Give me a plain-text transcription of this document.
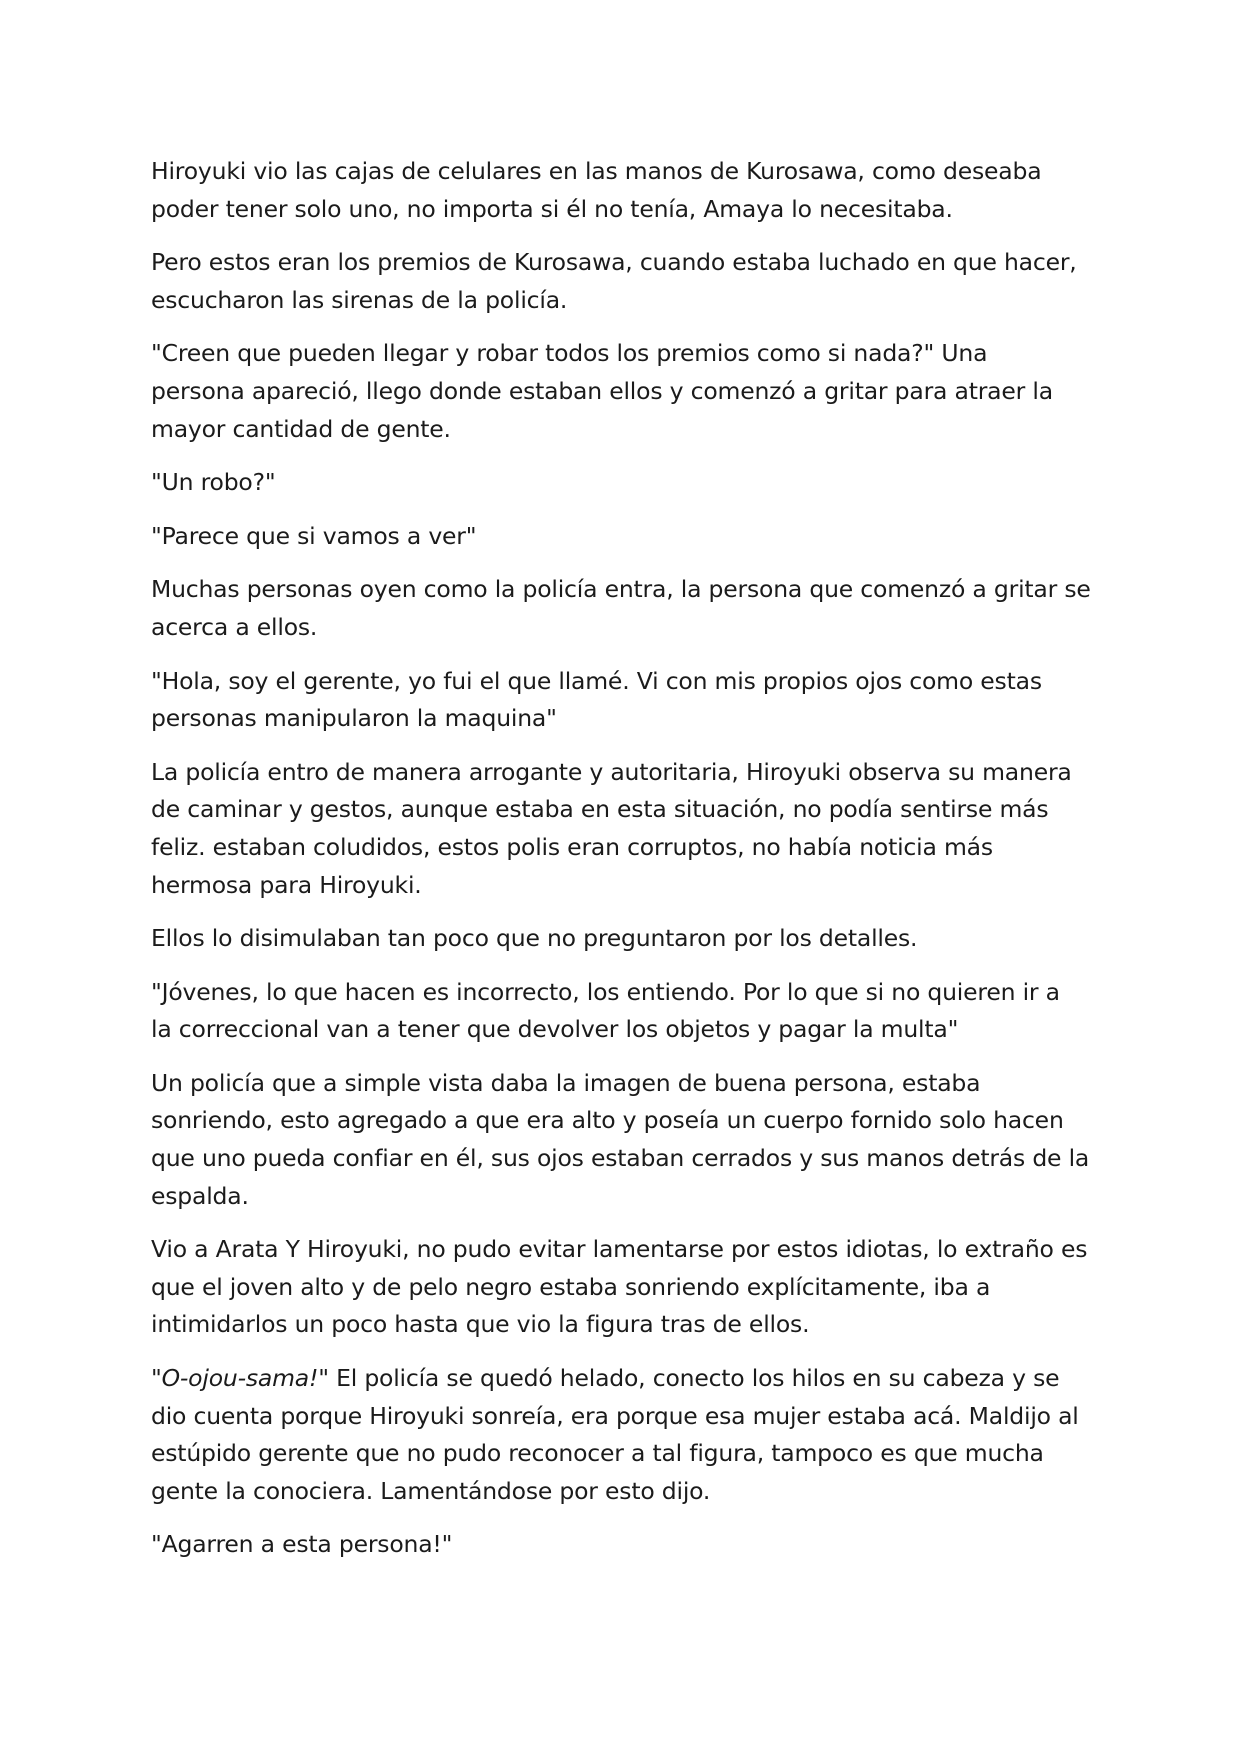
Hiroyuki vio las cajas de celulares en las manos de Kurosawa, como deseaba
poder tener solo uno, no importa si él no tenía, Amaya lo necesitaba.

Pero estos eran los premios de Kurosawa, cuando estaba luchado en que hacer,
escucharon las sirenas de la policía.

"Creen que pueden llegar y robar todos los premios como si nada?" Una
persona apareció, llego donde estaban ellos y comenzó a gritar para atraer la
mayor cantidad de gente.

"Un robo?"

"Parece que si vamos a ver"

Muchas personas oyen como la policía entra, la persona que comenzó a gritar se
acerca a ellos.

"Hola, soy el gerente, yo fui el que llamé. Vi con mis propios ojos como estas
personas manipularon la maquina"

La policía entro de manera arrogante y autoritaria, Hiroyuki observa su manera
de caminar y gestos, aunque estaba en esta situación, no podía sentirse más
feliz. estaban coludidos, estos polis eran corruptos, no había noticia más
hermosa para Hiroyuki.

Ellos lo disimulaban tan poco que no preguntaron por los detalles.

"Jóvenes, lo que hacen es incorrecto, los entiendo. Por lo que si no quieren ir a
la correccional van a tener que devolver los objetos y pagar la multa"

Un policía que a simple vista daba la imagen de buena persona, estaba
sonriendo, esto agregado a que era alto y poseía un cuerpo fornido solo hacen
que uno pueda confiar en él, sus ojos estaban cerrados y sus manos detrás de la
espalda.

Vio a Arata Y Hiroyuki, no pudo evitar lamentarse por estos idiotas, lo extraño es
que el joven alto y de pelo negro estaba sonriendo explícitamente, iba a
intimidarlos un poco hasta que vio la figura tras de ellos.

"O-ojou-sama!" El policía se quedó helado, conecto los hilos en su cabeza y se
dio cuenta porque Hiroyuki sonreía, era porque esa mujer estaba acá. Maldijo al
estúpido gerente que no pudo reconocer a tal figura, tampoco es que mucha
gente la conociera. Lamentándose por esto dijo.

"Agarren a esta persona!"
